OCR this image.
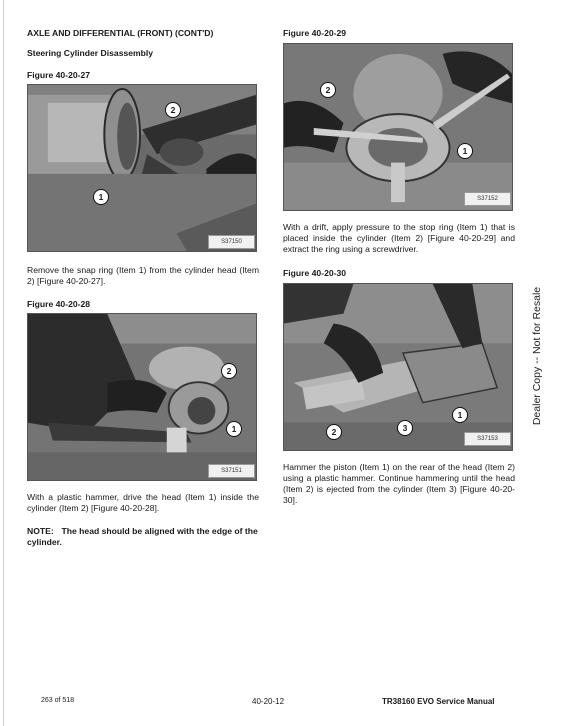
AXLE AND DIFFERENTIAL (FRONT) (CONT'D)
Steering Cylinder Disassembly
Figure 40-20-27
2
1
S37150
Remove the snap ring (Item 1) from the cylinder head (Item 2) [Figure 40-20-27].
Figure 40-20-28
2
1
S37151
With a plastic hammer, drive the head (Item 1) inside the cylinder (Item 2) [Figure 40-20-28].
NOTE: The head should be aligned with the edge of the cylinder.
Figure 40-20-29
2
1
S37152
With a drift, apply pressure to the stop ring (Item 1) that is placed inside the cylinder (Item 2) [Figure 40-20-29] and extract the ring using a screwdriver.
Figure 40-20-30
2	3
1
S37153
Hammer the piston (Item 1) on the rear of the head (Item 2) using a plastic hammer. Continue hammering until the head (Item 2) is ejected from the cylinder (Item 3) [Figure 40-20-30].
Dealer Copy -- Not for Resale
263 of 518	40-20-12	TR38160 EVO Service Manual
